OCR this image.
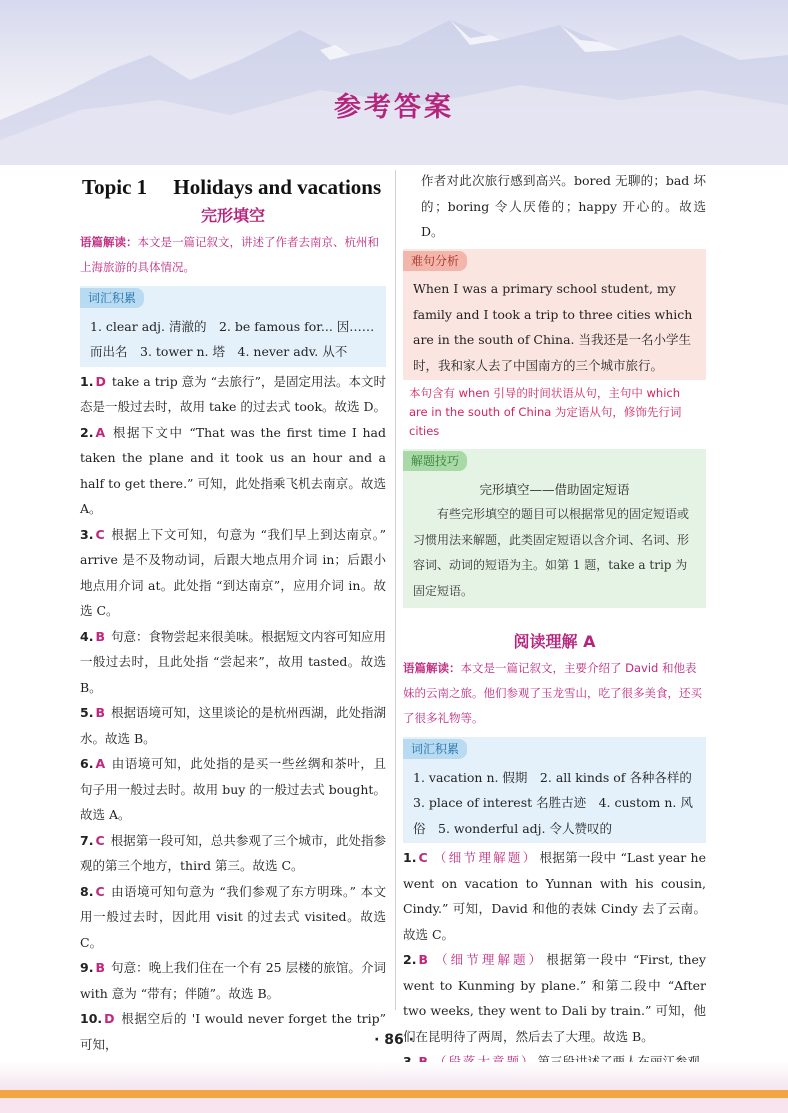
参考答案
Topic 1　 Holidays and vacations
完形填空
语篇解读：本文是一篇记叙文，讲述了作者去南京、杭州和上海旅游的具体情况。
词汇积累
1. clear adj. 清澈的　2. be famous for... 因……而出名　3. tower n. 塔　4. never adv. 从不

1. D take a trip 意为 “去旅行”，是固定用法。本文时态是一般过去时，故用 take 的过去式 took。故选 D。

2. A 根据下文中 “That was the first time I had taken the plane and it took us an hour and a half to get there.” 可知，此处指乘飞机去南京。故选 A。

3. C 根据上下文可知，句意为 “我们早上到达南京。” arrive 是不及物动词，后跟大地点用介词 in；后跟小地点用介词 at。此处指 “到达南京”，应用介词 in。故选 C。

4. B 句意：食物尝起来很美味。根据短文内容可知应用一般过去时，且此处指 “尝起来”，故用 tasted。故选 B。

5. B 根据语境可知，这里谈论的是杭州西湖，此处指湖水。故选 B。

6. A 由语境可知，此处指的是买一些丝绸和茶叶，且句子用一般过去时。故用 buy 的一般过去式 bought。故选 A。

7. C 根据第一段可知，总共参观了三个城市，此处指参观的第三个地方，third 第三。故选 C。

8. C 由语境可知句意为 “我们参观了东方明珠。” 本文用一般过去时，因此用 visit 的过去式 visited。故选 C。

9. B 句意：晚上我们住在一个有 25 层楼的旅馆。介词 with 意为 “带有；伴随”。故选 B。

10. D 根据空后的 'I would never forget the trip” 可知，

作者对此次旅行感到高兴。bored 无聊的；bad 坏的；boring 令人厌倦的；happy 开心的。故选 D。

难句分析
When I was a primary school student, my family and I took a trip to three cities which are in the south of China. 当我还是一名小学生时，我和家人去了中国南方的三个城市旅行。
本句含有 when 引导的时间状语从句，主句中 which are in the south of China 为定语从句，修饰先行词 cities
解题技巧
完形填空——借助固定短语
有些完形填空的题目可以根据常见的固定短语或习惯用法来解题，此类固定短语以含介词、名词、形容词、动词的短语为主。如第 1 题，take a trip 为固定短语。
阅读理解 A
语篇解读：本文是一篇记叙文，主要介绍了 David 和他表妹的云南之旅。他们参观了玉龙雪山，吃了很多美食，还买了很多礼物等。
词汇积累
1. vacation n. 假期　2. all kinds of 各种各样的　3. place of interest 名胜古迹　4. custom n. 风俗　5. wonderful adj. 令人赞叹的

1. C （细节理解题） 根据第一段中 “Last year he went on vacation to Yunnan with his cousin, Cindy.” 可知，David 和他的表妹 Cindy 去了云南。故选 C。

2. B （细节理解题） 根据第一段中 “First, they went to Kunming by plane.” 和第二段中 “After two weeks, they went to Dali by train.” 可知，他们在昆明待了两周，然后去了大理。故选 B。

· 86 ·
